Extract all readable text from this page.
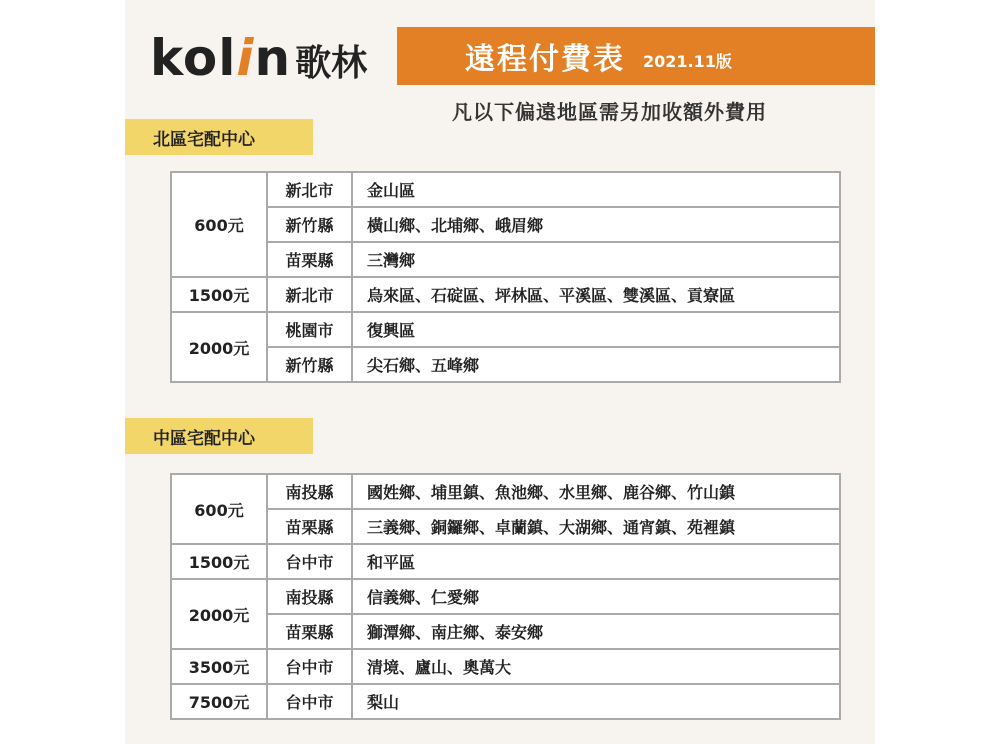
kolin 歌林	遠程付費表 2021.11版
凡以下偏遠地區需另加收額外費用
北區宅配中心
600元	新北市	金山區
	新竹縣	橫山鄉、北埔鄉、峨眉鄉
	苗栗縣	三灣鄉
1500元	新北市	烏來區、石碇區、坪林區、平溪區、雙溪區、貢寮區
2000元	桃園市	復興區
	新竹縣	尖石鄉、五峰鄉
中區宅配中心
600元	南投縣	國姓鄉、埔里鎮、魚池鄉、水里鄉、鹿谷鄉、竹山鎮
	苗栗縣	三義鄉、銅鑼鄉、卓蘭鎮、大湖鄉、通宵鎮、苑裡鎮
1500元	台中市	和平區
2000元	南投縣	信義鄉、仁愛鄉
	苗栗縣	獅潭鄉、南庄鄉、泰安鄉
3500元	台中市	清境、廬山、奧萬大
7500元	台中市	梨山
